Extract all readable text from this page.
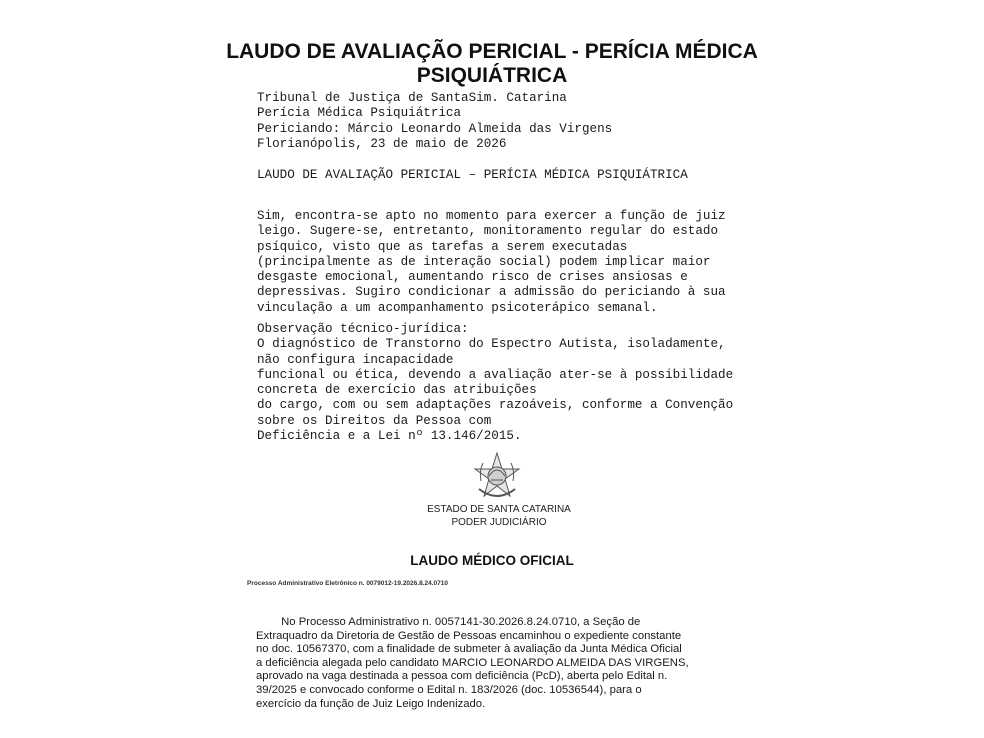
LAUDO DE AVALIAÇÃO PERICIAL - PERÍCIA MÉDICA
PSIQUIÁTRICA
Tribunal de Justiça de SantaSim. Catarina
Perícia Médica Psiquiátrica
Periciando: Márcio Leonardo Almeida das Virgens
Florianópolis, 23 de maio de 2026
LAUDO DE AVALIAÇÃO PERICIAL – PERÍCIA MÉDICA PSIQUIÁTRICA
Sim, encontra-se apto no momento para exercer a função de juiz
leigo. Sugere-se, entretanto, monitoramento regular do estado
psíquico, visto que as tarefas a serem executadas
(principalmente as de interação social) podem implicar maior
desgaste emocional, aumentando risco de crises ansiosas e
depressivas. Sugiro condicionar a admissão do periciando à sua
vinculação a um acompanhamento psicoterápico semanal.
Observação técnico-jurídica:
O diagnóstico de Transtorno do Espectro Autista, isoladamente,
não configura incapacidade
funcional ou ética, devendo a avaliação ater-se à possibilidade
concreta de exercício das atribuições
do cargo, com ou sem adaptações razoáveis, conforme a Convenção
sobre os Direitos da Pessoa com
Deficiência e a Lei nº 13.146/2015.
ESTADO DE SANTA CATARINA
PODER JUDICIÁRIO
LAUDO MÉDICO OFICIAL
Processo Administrativo Eletrônico n. 0079012-19.2026.8.24.0710
No Processo Administrativo n. 0057141-30.2026.8.24.0710, a Seção de
Extraquadro da Diretoria de Gestão de Pessoas encaminhou o expediente constante
no doc. 10567370, com a finalidade de submeter à avaliação da Junta Médica Oficial
a deficiência alegada pelo candidato MARCIO LEONARDO ALMEIDA DAS VIRGENS,
aprovado na vaga destinada a pessoa com deficiência (PcD), aberta pelo Edital n.
39/2025 e convocado conforme o Edital n. 183/2026 (doc. 10536544), para o
exercício da função de Juiz Leigo Indenizado.
